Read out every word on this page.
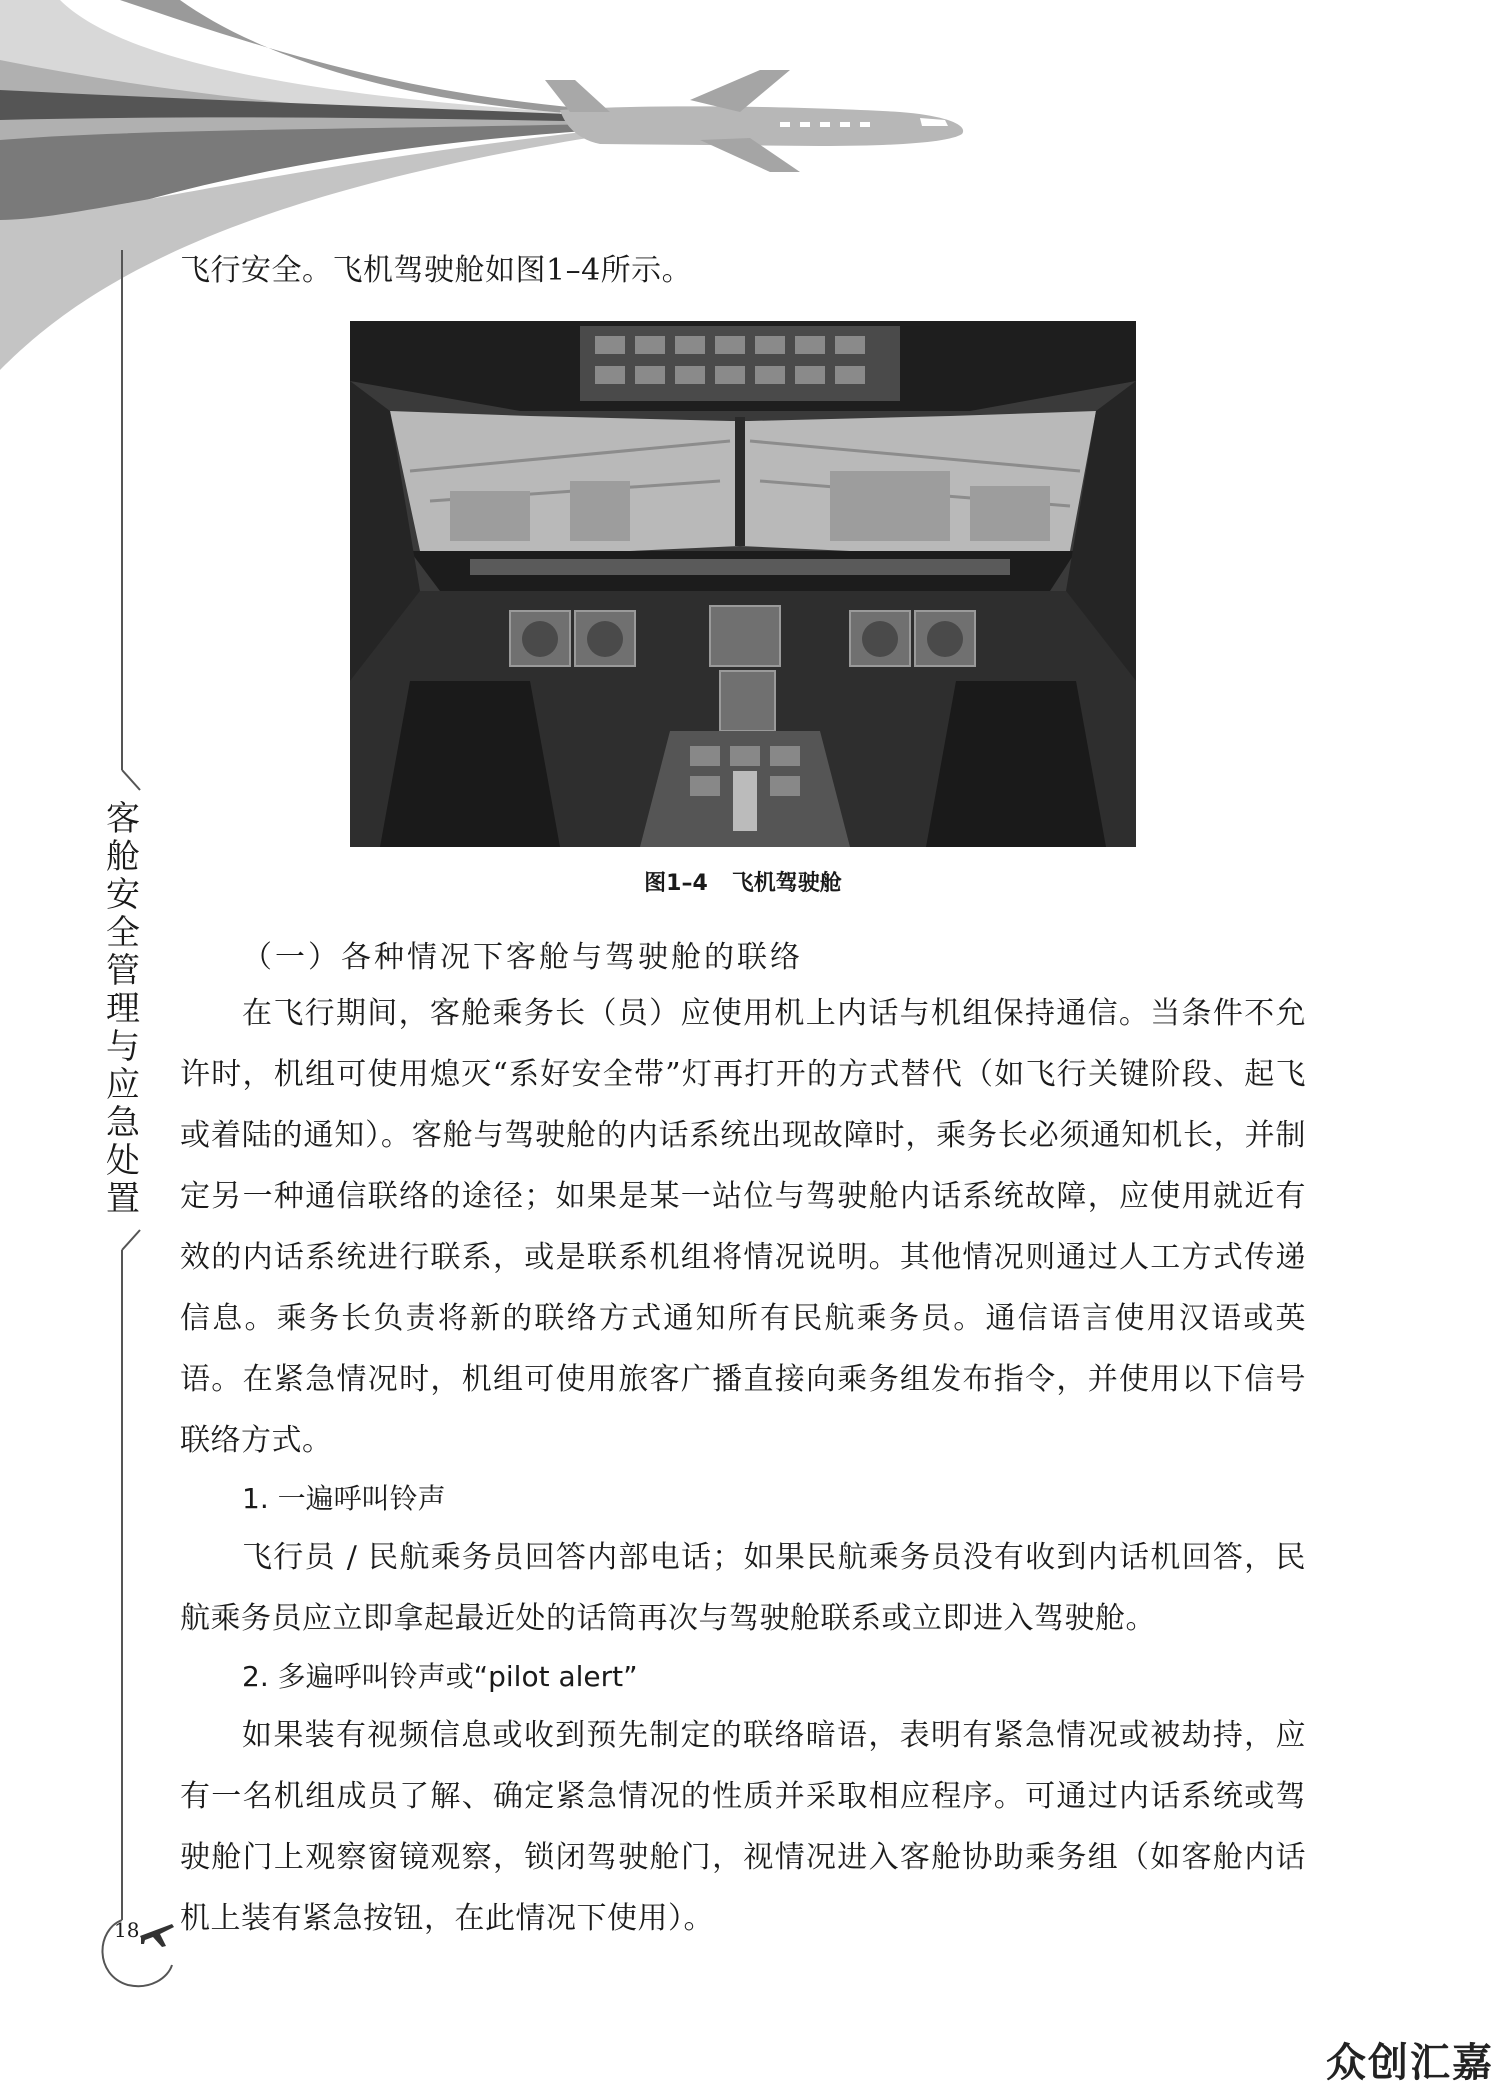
客
舱
安
全
管
理
与
应
急
处
置
18

飞行安全。飞机驾驶舱如图1–4所示。

图1–4 飞机驾驶舱

（一）各种情况下客舱与驾驶舱的联络

在飞行期间，客舱乘务长（员）应使用机上内话与机组保持通信。当条件不允许时，机组可使用熄灭“系好安全带”灯再打开的方式替代（如飞行关键阶段、起飞或着陆的通知）。客舱与驾驶舱的内话系统出现故障时，乘务长必须通知机长，并制定另一种通信联络的途径；如果是某一站位与驾驶舱内话系统故障，应使用就近有效的内话系统进行联系，或是联系机组将情况说明。其他情况则通过人工方式传递信息。乘务长负责将新的联络方式通知所有民航乘务员。通信语言使用汉语或英语。在紧急情况时，机组可使用旅客广播直接向乘务组发布指令，并使用以下信号联络方式。

1. 一遍呼叫铃声

飞行员 / 民航乘务员回答内部电话；如果民航乘务员没有收到内话机回答，民航乘务员应立即拿起最近处的话筒再次与驾驶舱联系或立即进入驾驶舱。

2. 多遍呼叫铃声或“pilot alert”

如果装有视频信息或收到预先制定的联络暗语，表明有紧急情况或被劫持，应有一名机组成员了解、确定紧急情况的性质并采取相应程序。可通过内话系统或驾驶舱门上观察窗镜观察，锁闭驾驶舱门，视情况进入客舱协助乘务组（如客舱内话机上装有紧急按钮，在此情况下使用）。

众创汇嘉
